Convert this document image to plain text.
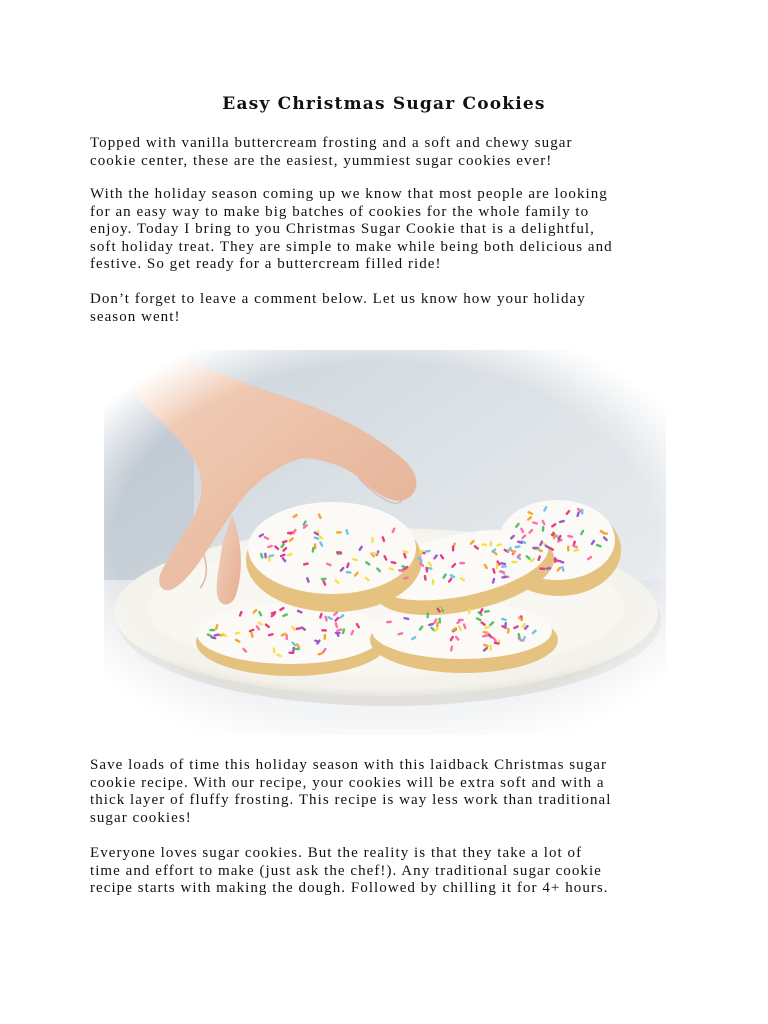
Easy Christmas Sugar Cookies

Topped with vanilla buttercream frosting and a soft and chewy sugar
cookie center, these are the easiest, yummiest sugar cookies ever!

With the holiday season coming up we know that most people are looking
for an easy way to make big batches of cookies for the whole family to
enjoy. Today I bring to you Christmas Sugar Cookie that is a delightful,
soft holiday treat. They are simple to make while being both delicious and
festive. So get ready for a buttercream filled ride!

Don’t forget to leave a comment below. Let us know how your holiday
season went!

Save loads of time this holiday season with this laidback Christmas sugar
cookie recipe. With our recipe, your cookies will be extra soft and with a
thick layer of fluffy frosting. This recipe is way less work than traditional
sugar cookies!

Everyone loves sugar cookies. But the reality is that they take a lot of
time and effort to make (just ask the chef!). Any traditional sugar cookie
recipe starts with making the dough. Followed by chilling it for 4+ hours.
